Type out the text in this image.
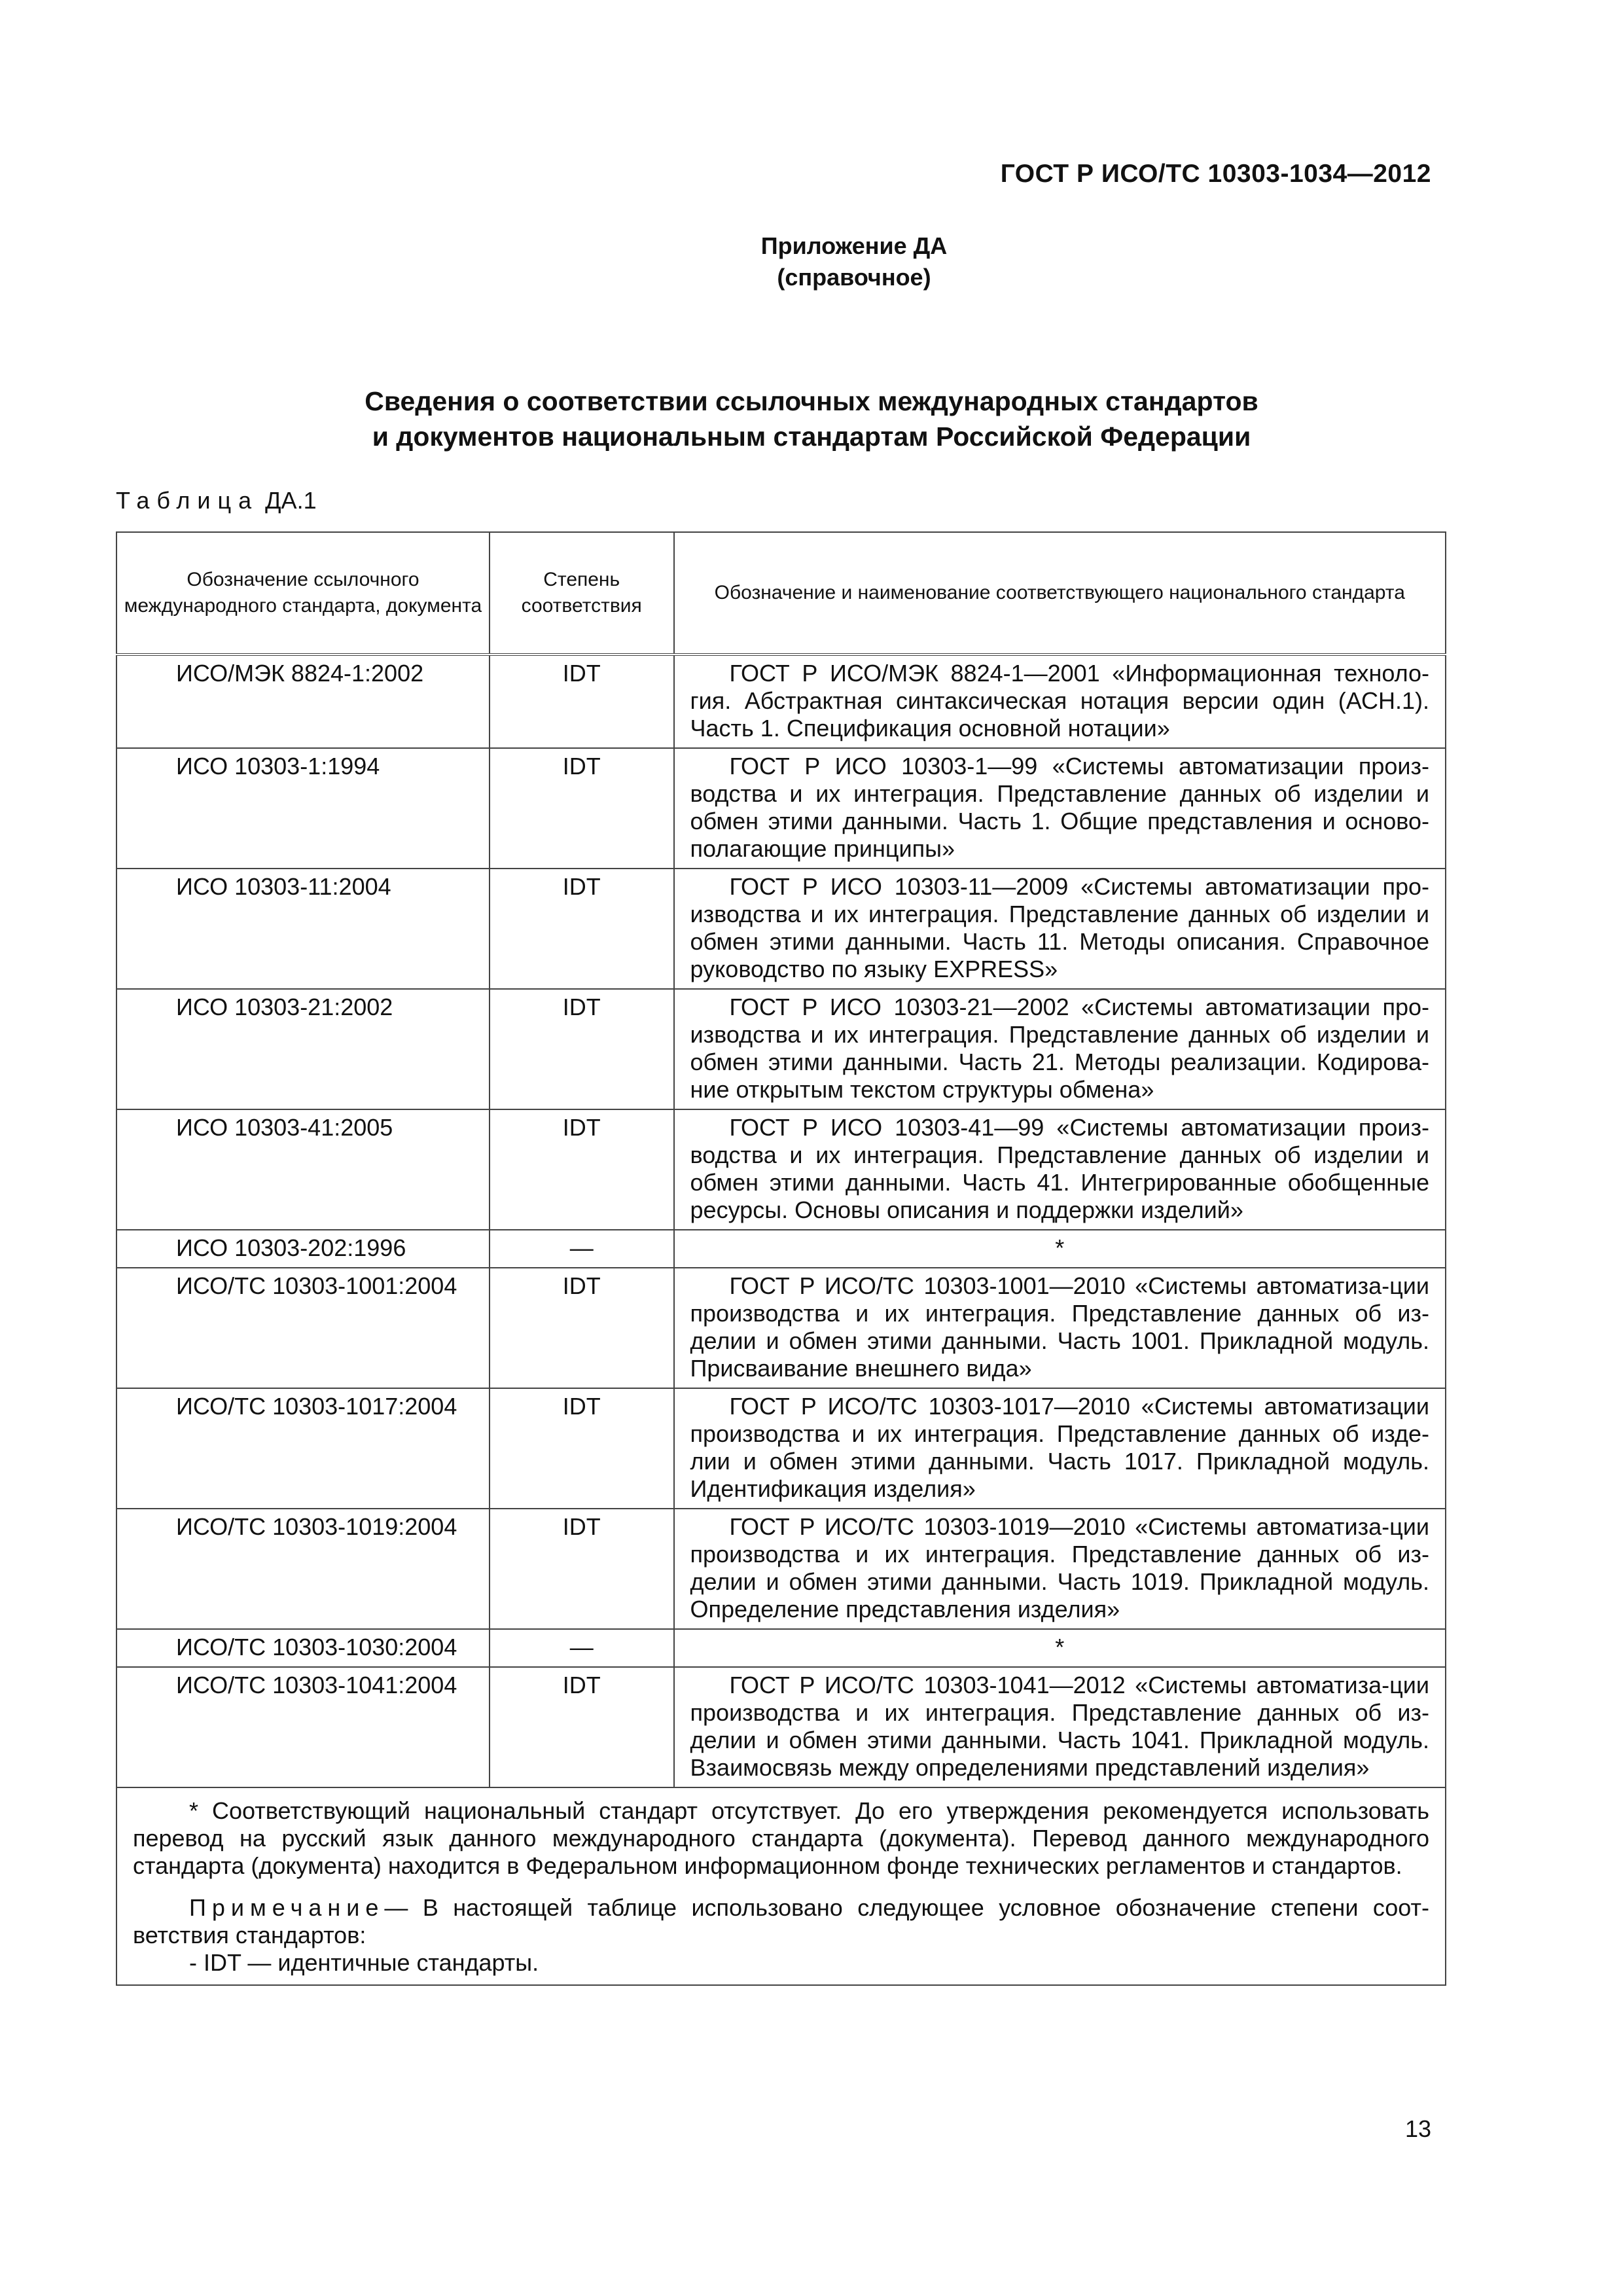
ГОСТ Р ИСО/ТС 10303-1034—2012
Приложение ДА
(справочное)
Сведения о соответствии ссылочных международных стандартов
и документов национальным стандартам Российской Федерации
Таблица ДА.1
Обозначение ссылочного международного стандарта, документа	Степень соответствия	Обозначение и наименование соответствующего национального стандарта
ИСО/МЭК 8824-1:2002	IDT	ГОСТ Р ИСО/МЭК 8824-1—2001 «Информационная техноло-гия. Абстрактная синтаксическая нотация версии один (АСН.1). Часть 1. Спецификация основной нотации»
ИСО 10303-1:1994	IDT	ГОСТ Р ИСО 10303-1—99 «Системы автоматизации произ-водства и их интеграция. Представление данных об изделии и обмен этими данными. Часть 1. Общие представления и осново-полагающие принципы»
ИСО 10303-11:2004	IDT	ГОСТ Р ИСО 10303-11—2009 «Системы автоматизации про-изводства и их интеграция. Представление данных об изделии и обмен этими данными. Часть 11. Методы описания. Справочное руководство по языку EXPRESS»
ИСО 10303-21:2002	IDT	ГОСТ Р ИСО 10303-21—2002 «Системы автоматизации про-изводства и их интеграция. Представление данных об изделии и обмен этими данными. Часть 21. Методы реализации. Кодирова-ние открытым текстом структуры обмена»
ИСО 10303-41:2005	IDT	ГОСТ Р ИСО 10303-41—99 «Системы автоматизации произ-водства и их интеграция. Представление данных об изделии и обмен этими данными. Часть 41. Интегрированные обобщенные ресурсы. Основы описания и поддержки изделий»
ИСО 10303-202:1996	—	*
ИСО/ТС 10303-1001:2004	IDT	ГОСТ Р ИСО/ТС 10303-1001—2010 «Системы автоматиза-ции производства и их интеграция. Представление данных об из-делии и обмен этими данными. Часть 1001. Прикладной модуль. Присваивание внешнего вида»
ИСО/ТС 10303-1017:2004	IDT	ГОСТ Р ИСО/ТС 10303-1017—2010 «Системы автоматизации производства и их интеграция. Представление данных об изде-лии и обмен этими данными. Часть 1017. Прикладной модуль. Идентификация изделия»
ИСО/ТС 10303-1019:2004	IDT	ГОСТ Р ИСО/ТС 10303-1019—2010 «Системы автоматиза-ции производства и их интеграция. Представление данных об из-делии и обмен этими данными. Часть 1019. Прикладной модуль. Определение представления изделия»
ИСО/ТС 10303-1030:2004	—	*
ИСО/ТС 10303-1041:2004	IDT	ГОСТ Р ИСО/ТС 10303-1041—2012 «Системы автоматиза-ции производства и их интеграция. Представление данных об из-делии и обмен этими данными. Часть 1041. Прикладной модуль. Взаимосвязь между определениями представлений изделия»

* Соответствующий национальный стандарт отсутствует. До его утверждения рекомендуется использовать перевод на русский язык данного международного стандарта (документа). Перевод данного международного стандарта (документа) находится в Федеральном информационном фонде технических регламентов и стандартов.

Примечание— В настоящей таблице использовано следующее условное обозначение степени соот-ветствия стандартов:

- IDT — идентичные стандарты.		

13
